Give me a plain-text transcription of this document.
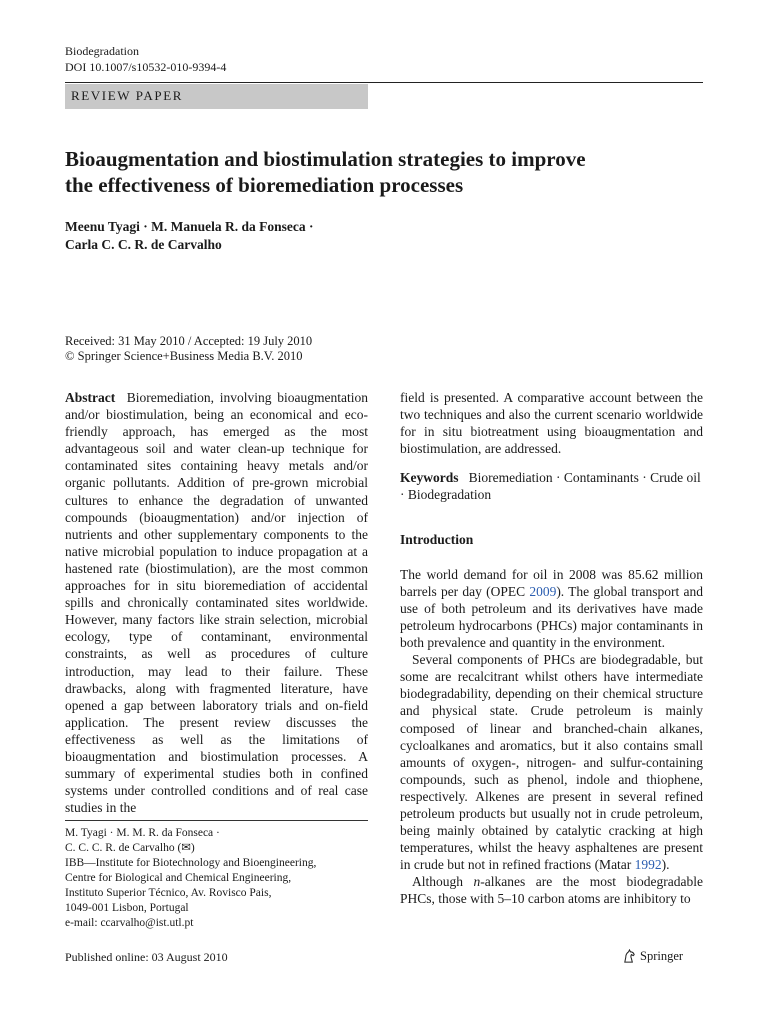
Biodegradation
DOI 10.1007/s10532-010-9394-4
REVIEW PAPER
Bioaugmentation and biostimulation strategies to improve
the effectiveness of bioremediation processes
Meenu Tyagi · M. Manuela R. da Fonseca ·
Carla C. C. R. de Carvalho
Received: 31 May 2010 / Accepted: 19 July 2010
© Springer Science+Business Media B.V. 2010

Abstract Bioremediation, involving bioaugmentation and/or biostimulation, being an economical and eco-friendly approach, has emerged as the most advantageous soil and water clean-up technique for contaminated sites containing heavy metals and/or organic pollutants. Addition of pre-grown microbial cultures to enhance the degradation of unwanted compounds (bioaugmentation) and/or injection of nutrients and other supplementary components to the native microbial population to induce propagation at a hastened rate (biostimulation), are the most common approaches for in situ bioremediation of accidental spills and chronically contaminated sites worldwide. However, many factors like strain selection, microbial ecology, type of contaminant, environmental constraints, as well as procedures of culture introduction, may lead to their failure. These drawbacks, along with fragmented literature, have opened a gap between laboratory trials and on-field application. The present review discusses the effectiveness as well as the limitations of bioaugmentation and biostimulation processes. A summary of experimental studies both in confined systems under controlled conditions and of real case studies in the

M. Tyagi · M. M. R. da Fonseca ·
C. C. C. R. de Carvalho (✉)
IBB—Institute for Biotechnology and Bioengineering,
Centre for Biological and Chemical Engineering,
Instituto Superior Técnico, Av. Rovisco Pais,
1049-001 Lisbon, Portugal
e-mail: ccarvalho@ist.utl.pt

field is presented. A comparative account between the two techniques and also the current scenario worldwide for in situ biotreatment using bioaugmentation and biostimulation, are addressed.

Keywords Bioremediation · Contaminants · Crude oil · Biodegradation

Introduction

The world demand for oil in 2008 was 85.62 million barrels per day (OPEC 2009). The global transport and use of both petroleum and its derivatives have made petroleum hydrocarbons (PHCs) major contaminants in both prevalence and quantity in the environment.

Several components of PHCs are biodegradable, but some are recalcitrant whilst others have intermediate biodegradability, depending on their chemical structure and physical state. Crude petroleum is mainly composed of linear and branched-chain alkanes, cycloalkanes and aromatics, but it also contains small amounts of oxygen-, nitrogen- and sulfur-containing compounds, such as phenol, indole and thiophene, respectively. Alkenes are present in several refined petroleum products but usually not in crude petroleum, being mainly obtained by catalytic cracking at high temperatures, whilst the heavy asphaltenes are present in crude but not in refined fractions (Matar 1992).

Although n-alkanes are the most biodegradable PHCs, those with 5–10 carbon atoms are inhibitory to

Published online: 03 August 2010	Springer
